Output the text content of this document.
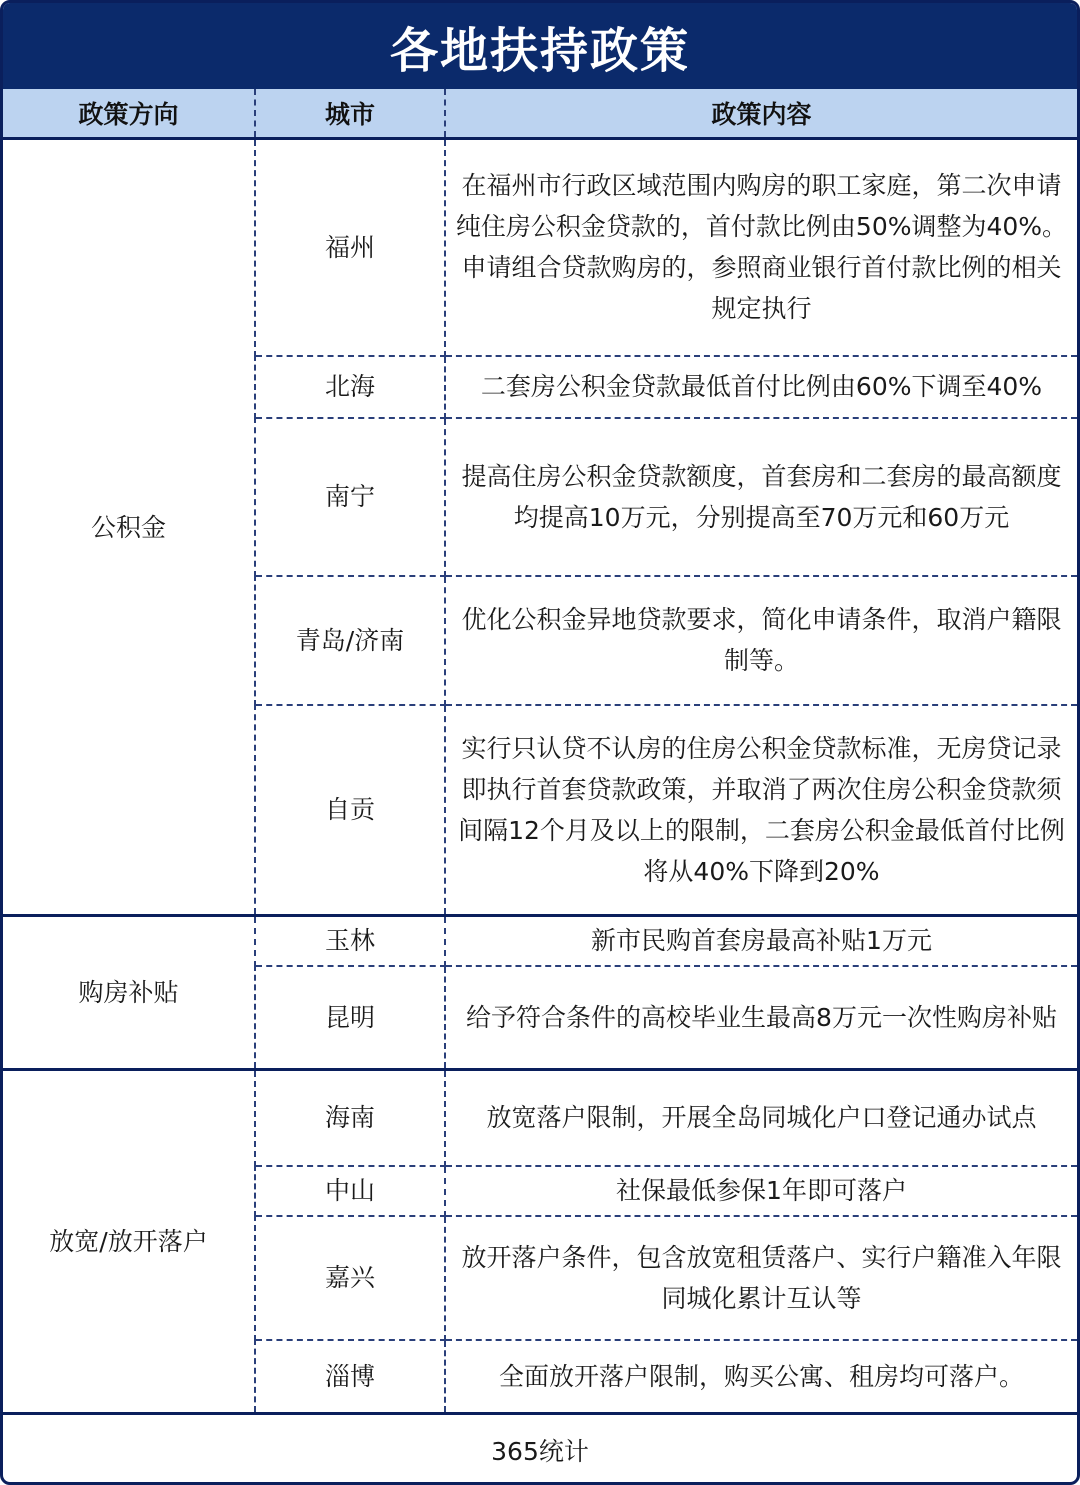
各地扶持政策
政策方向	城市	政策内容
公积金	福州	在福州市行政区域范围内购房的职工家庭，第二次申请纯住房公积金贷款的，首付款比例由50%调整为40%。申请组合贷款购房的，参照商业银行首付款比例的相关规定执行
	北海	二套房公积金贷款最低首付比例由60%下调至40%
	南宁	提高住房公积金贷款额度，首套房和二套房的最高额度均提高10万元，分别提高至70万元和60万元
	青岛/济南	优化公积金异地贷款要求，简化申请条件，取消户籍限制等。
	自贡	实行只认贷不认房的住房公积金贷款标准，无房贷记录即执行首套贷款政策，并取消了两次住房公积金贷款须间隔12个月及以上的限制，二套房公积金最低首付比例将从40%下降到20%
购房补贴	玉林	新市民购首套房最高补贴1万元
	昆明	给予符合条件的高校毕业生最高8万元一次性购房补贴
放宽/放开落户	海南	放宽落户限制，开展全岛同城化户口登记通办试点
	中山	社保最低参保1年即可落户
	嘉兴	放开落户条件，包含放宽租赁落户、实行户籍准入年限同城化累计互认等
	淄博	全面放开落户限制，购买公寓、租房均可落户。
365统计
